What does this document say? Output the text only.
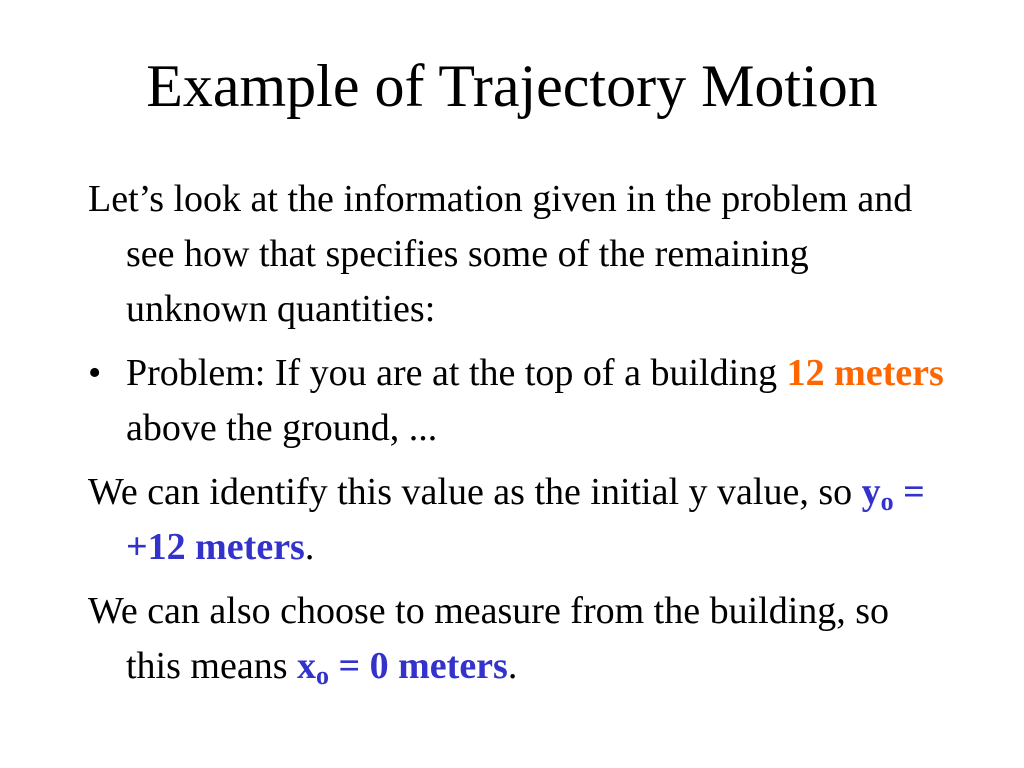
Example of Trajectory Motion

Let’s look at the information given in the problem and see how that specifies some of the remaining unknown quantities:

• Problem: If you are at the top of a building 12 meters above the ground, ...

We can identify this value as the initial y value, so $y_o = +12$ meters.

We can also choose to measure from the building, so this means $x_o = 0$ meters.
